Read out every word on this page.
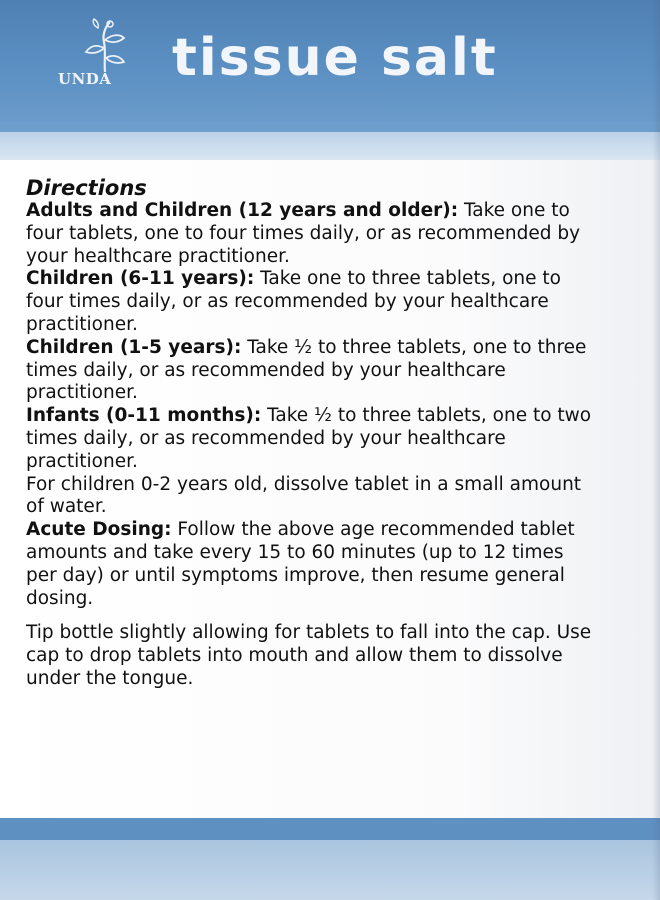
UNDA tissue salt
Directions

Adults and Children (12 years and older): Take one to four tablets, one to four times daily, or as recommended by your healthcare practitioner.

Children (6-11 years): Take one to three tablets, one to four times daily, or as recommended by your healthcare practitioner.

Children (1-5 years): Take ½ to three tablets, one to three times daily, or as recommended by your healthcare practitioner.

Infants (0-11 months): Take ½ to three tablets, one to two times daily, or as recommended by your healthcare practitioner.

For children 0-2 years old, dissolve tablet in a small amount of water.

Acute Dosing: Follow the above age recommended tablet amounts and take every 15 to 60 minutes (up to 12 times per day) or until symptoms improve, then resume general dosing.

Tip bottle slightly allowing for tablets to fall into the cap. Use cap to drop tablets into mouth and allow them to dissolve under the tongue.
